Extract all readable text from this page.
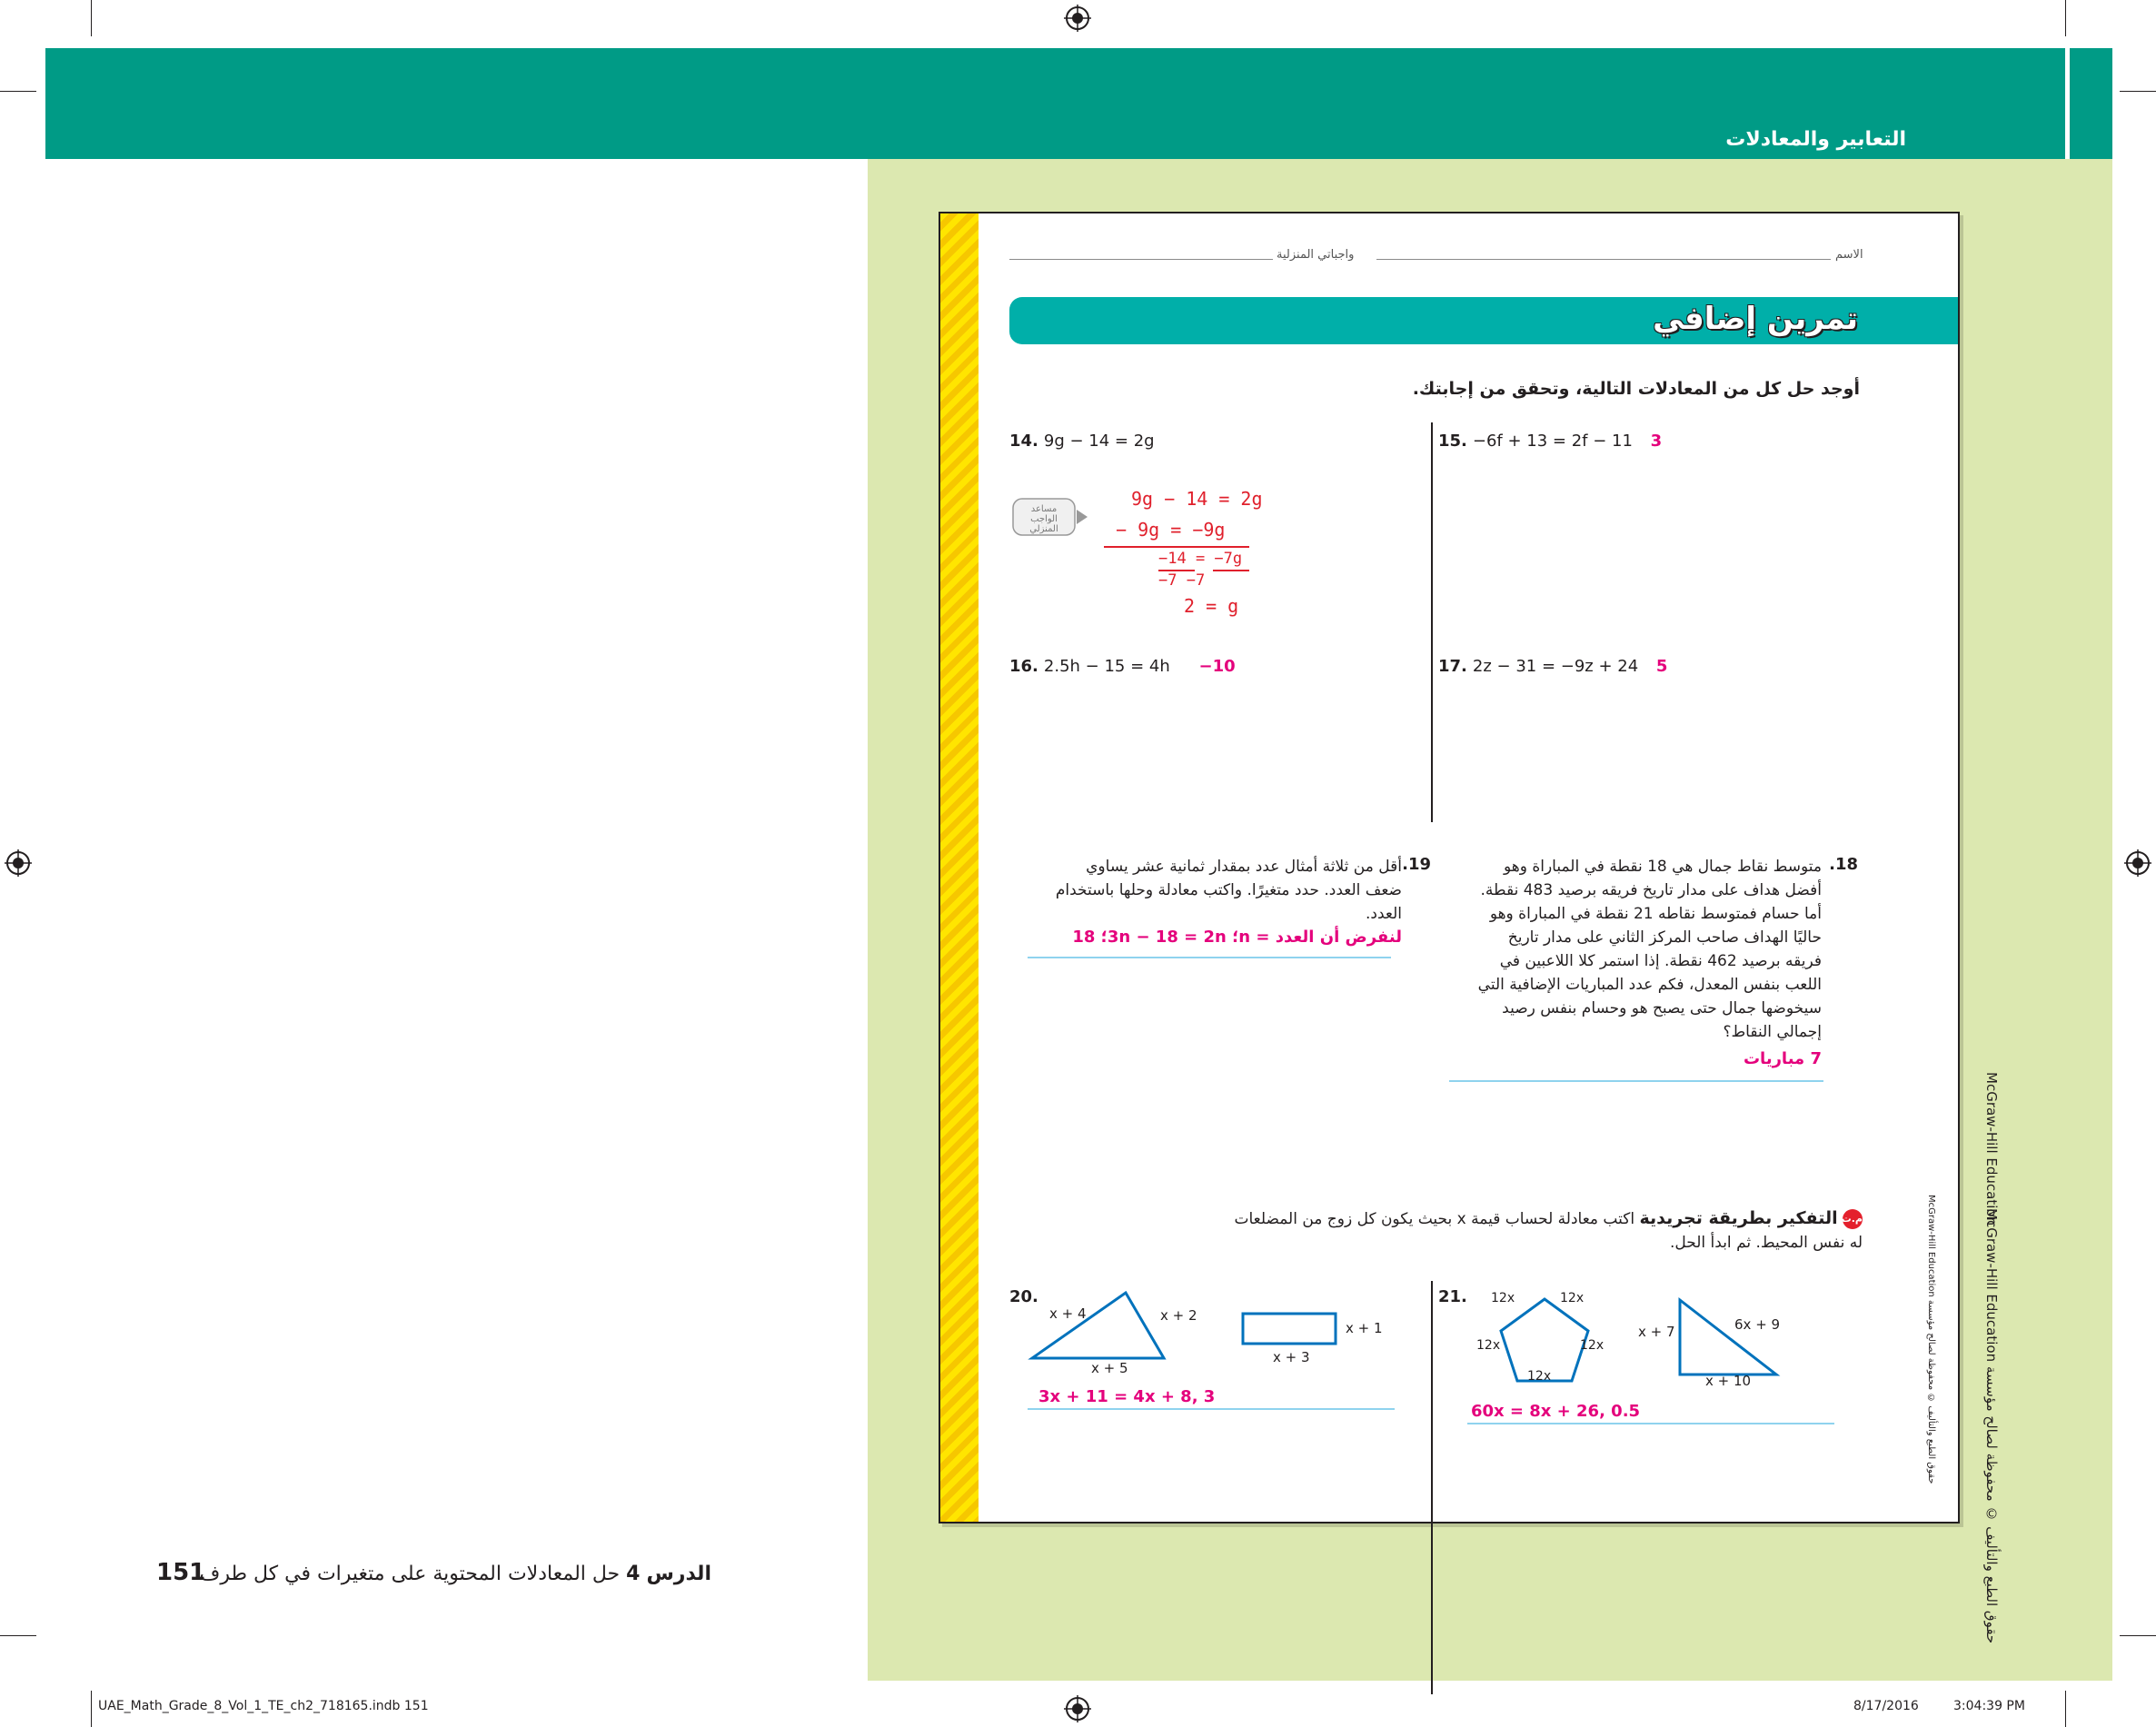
التعابير والمعادلات
McGraw-Hill Education
حقوق الطبع والتأليف © محفوظة لصالح مؤسسة McGraw-Hill Education
واجباتي المنزلية	الاسم
تمرين إضافي
أوجد حل كل من المعادلات التالية، وتحقق من إجابتك.
14. 9g − 14 = 2g
مساعد الواجب المنزلي
9g − 14 = 2g
− 9g = −9g
−14 = −7g
−7 −7
2 = g
15. −6f + 13 = 2f − 11 3
16. 2.5h − 15 = 4h −10	17. 2z − 31 = −9z + 24 5
.18
متوسط نقاط جمال هي 18 نقطة في المباراة وهو
أفضل هداف على مدار تاريخ فريقه برصيد 483 نقطة.
أما حسام فمتوسط نقاطه 21 نقطة في المباراة وهو
حاليًا الهداف صاحب المركز الثاني على مدار تاريخ
فريقه برصيد 462 نقطة. إذا استمر كلا اللاعبين في
اللعب بنفس المعدل، فكم عدد المباريات الإضافية التي
سيخوضها جمال حتى يصبح هو وحسام بنفس رصيد
إجمالي النقاط؟
7 مباريات
.19
أقل من ثلاثة أمثال عدد بمقدار ثمانية عشر يساوي
ضعف العدد. حدد متغيرًا. واكتب معادلة وحلها باستخدام
العدد.
لنفرض أن العدد = n؛ 3n − 18 = 2n؛ 18
م.ت التفكير بطريقة تجريدية اكتب معادلة لحساب قيمة x بحيث يكون كل زوج من المضلعات
له نفس المحيط. ثم ابدأ الحل.
20.
x + 4	x + 2
x + 5
x + 1
x + 3
3x + 11 = 4x + 8, 3
21. 12x	12x
12x	12x
12x
x + 7	6x + 9
x + 10
60x = 8x + 26, 0.5
حقوق الطبع والتأليف © محفوظة لصالح مؤسسة McGraw-Hill Education
الدرس 4 حل المعادلات المحتوية على متغيرات في كل طرف
151
UAE_Math_Grade_8_Vol_1_TE_ch2_718165.indb 151	8/17/2016	3:04:39 PM
